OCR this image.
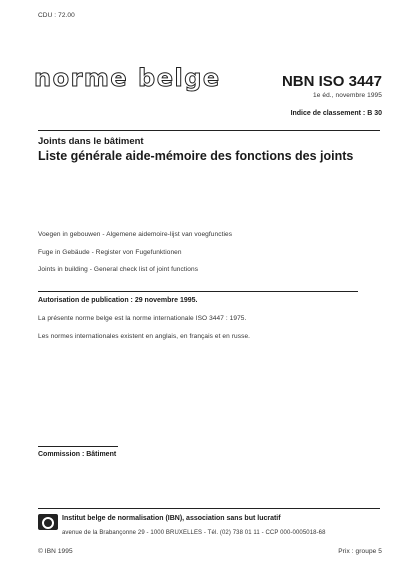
CDU : 72.00
norme belge	NBN ISO 3447
1e éd., novembre 1995
Indice de classement : B 30
Joints dans le bâtiment
Liste générale aide-mémoire des fonctions des joints
Voegen in gebouwen - Algemene aidemoire-lijst van voegfuncties
Fuge in Gebäude - Register von Fugefunktionen
Joints in building - General check list of joint functions
Autorisation de publication : 29 novembre 1995.
La présente norme belge est la norme internationale ISO 3447 : 1975.
Les normes internationales existent en anglais, en français et en russe.
Commission : Bâtiment
Institut belge de normalisation (IBN), association sans but lucratif
avenue de la Brabançonne 29 - 1000 BRUXELLES - Tél. (02) 738 01 11 - CCP 000-0005018-68
© IBN 1995	Prix : groupe 5
